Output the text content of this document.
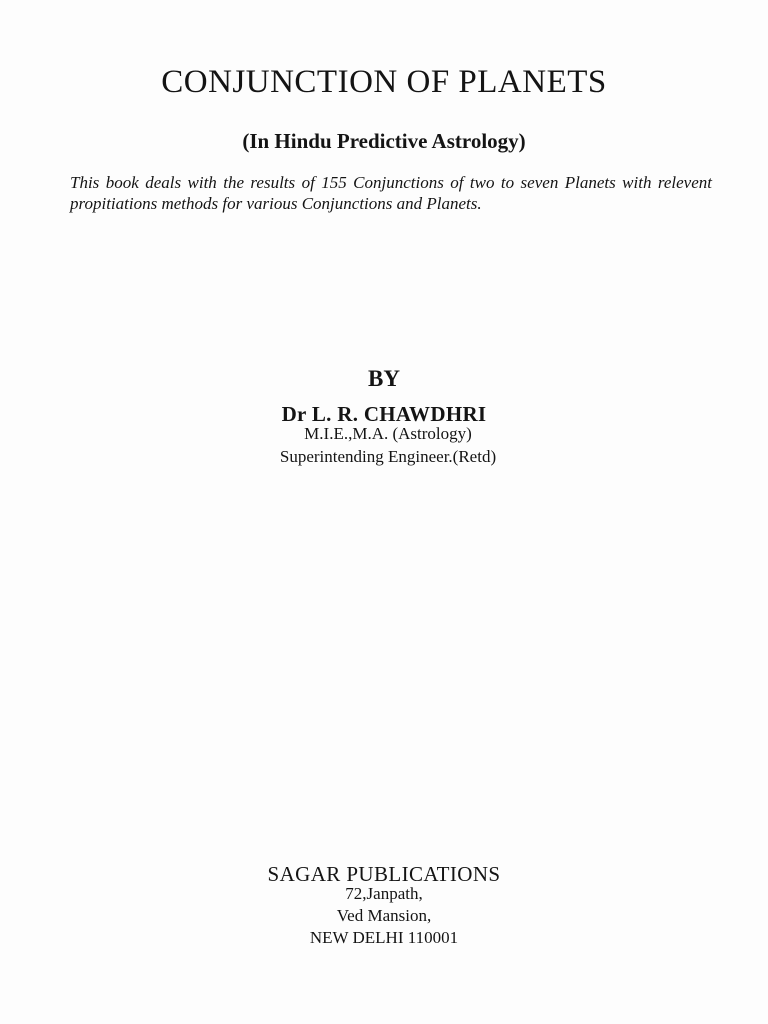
CONJUNCTION OF PLANETS

(In Hindu Predictive Astrology)

This book deals with the results of 155 Conjunctions of two to seven Planets with relevent propitiations methods for various Conjunctions and Planets.

BY

Dr L. R. CHAWDHRI

M.I.E.,M.A. (Astrology)

Superintending Engineer.(Retd)

SAGAR PUBLICATIONS

72,Janpath,

Ved Mansion,

NEW DELHI 110001
